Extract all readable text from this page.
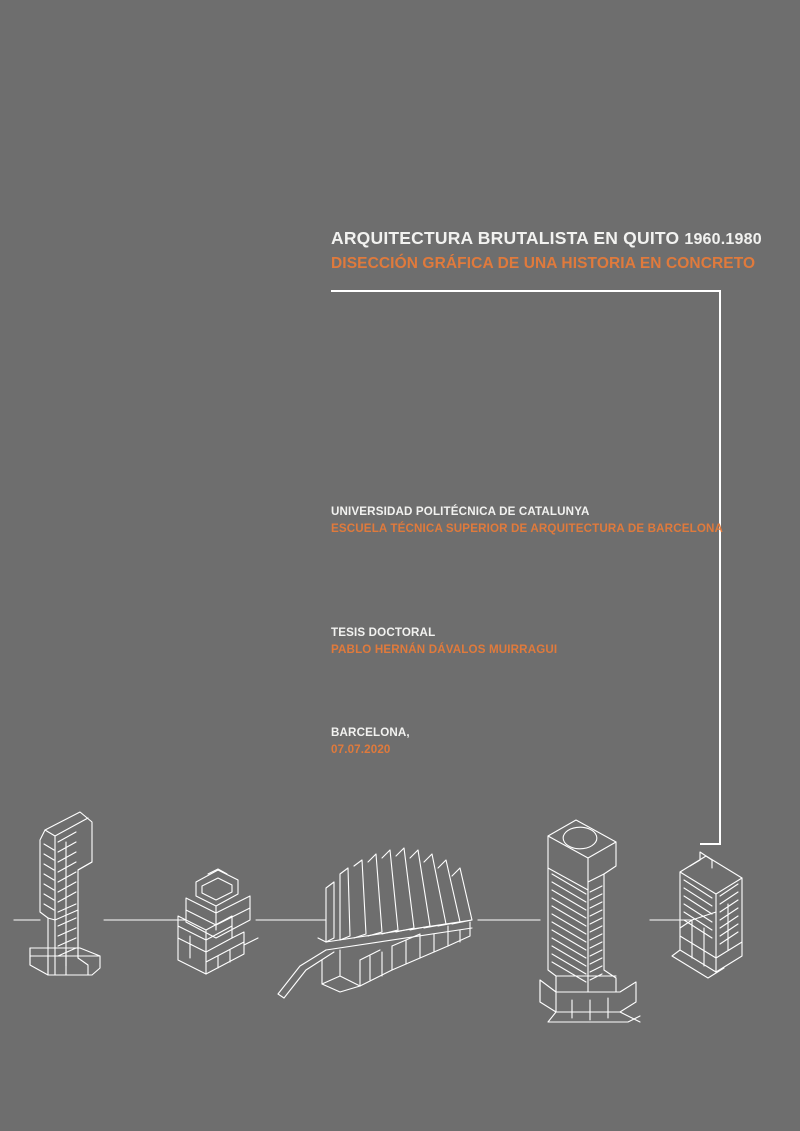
ARQUITECTURA BRUTALISTA EN QUITO 1960.1980
DISECCIÓN GRÁFICA DE UNA HISTORIA EN CONCRETO
UNIVERSIDAD POLITÉCNICA DE CATALUNYA
ESCUELA TÉCNICA SUPERIOR DE ARQUITECTURA DE BARCELONA
TESIS DOCTORAL
PABLO HERNÁN DÁVALOS MUIRRAGUI
BARCELONA,
07.07.2020
